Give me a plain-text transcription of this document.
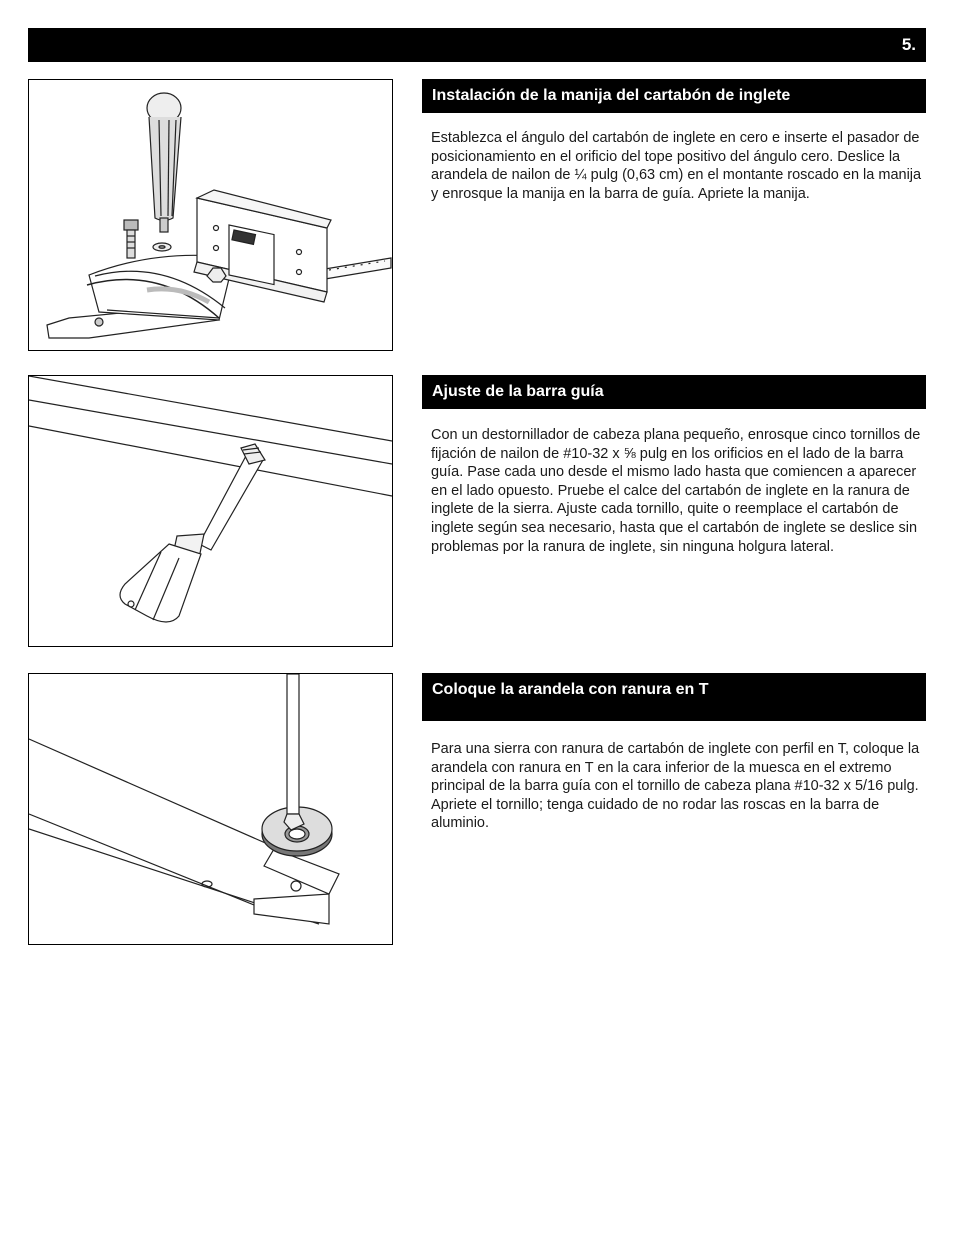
5.
Instalación de la manija del cartabón de inglete

Establezca el ángulo del cartabón de inglete en cero e inserte el pasador de posicionamiento en el orificio del tope positivo del ángulo cero. Deslice la arandela de nailon de ¼ pulg (0,63 cm) en el montante roscado en la manija y enrosque la manija en la barra de guía. Apriete la manija.

Ajuste de la barra guía

Con un destornillador de cabeza plana pequeño, enrosque cinco tornillos de fijación de nailon de #10-32 x ⅝ pulg en los orificios en el lado de la barra guía. Pase cada uno desde el mismo lado hasta que comiencen a aparecer en el lado opuesto. Pruebe el calce del cartabón de inglete en la ranura de inglete de la sierra. Ajuste cada tornillo, quite o reemplace el cartabón de inglete según sea necesario, hasta que el cartabón de inglete se deslice sin problemas por la ranura de inglete, sin ninguna holgura lateral.

Coloque la arandela con ranura en T

Para una sierra con ranura de cartabón de inglete con perfil en T, coloque la arandela con ranura en T en la cara inferior de la muesca en el extremo principal de la barra guía con el tornillo de cabeza plana #10-32 x 5/16 pulg. Apriete el tornillo; tenga cuidado de no rodar las roscas en la barra de aluminio.
